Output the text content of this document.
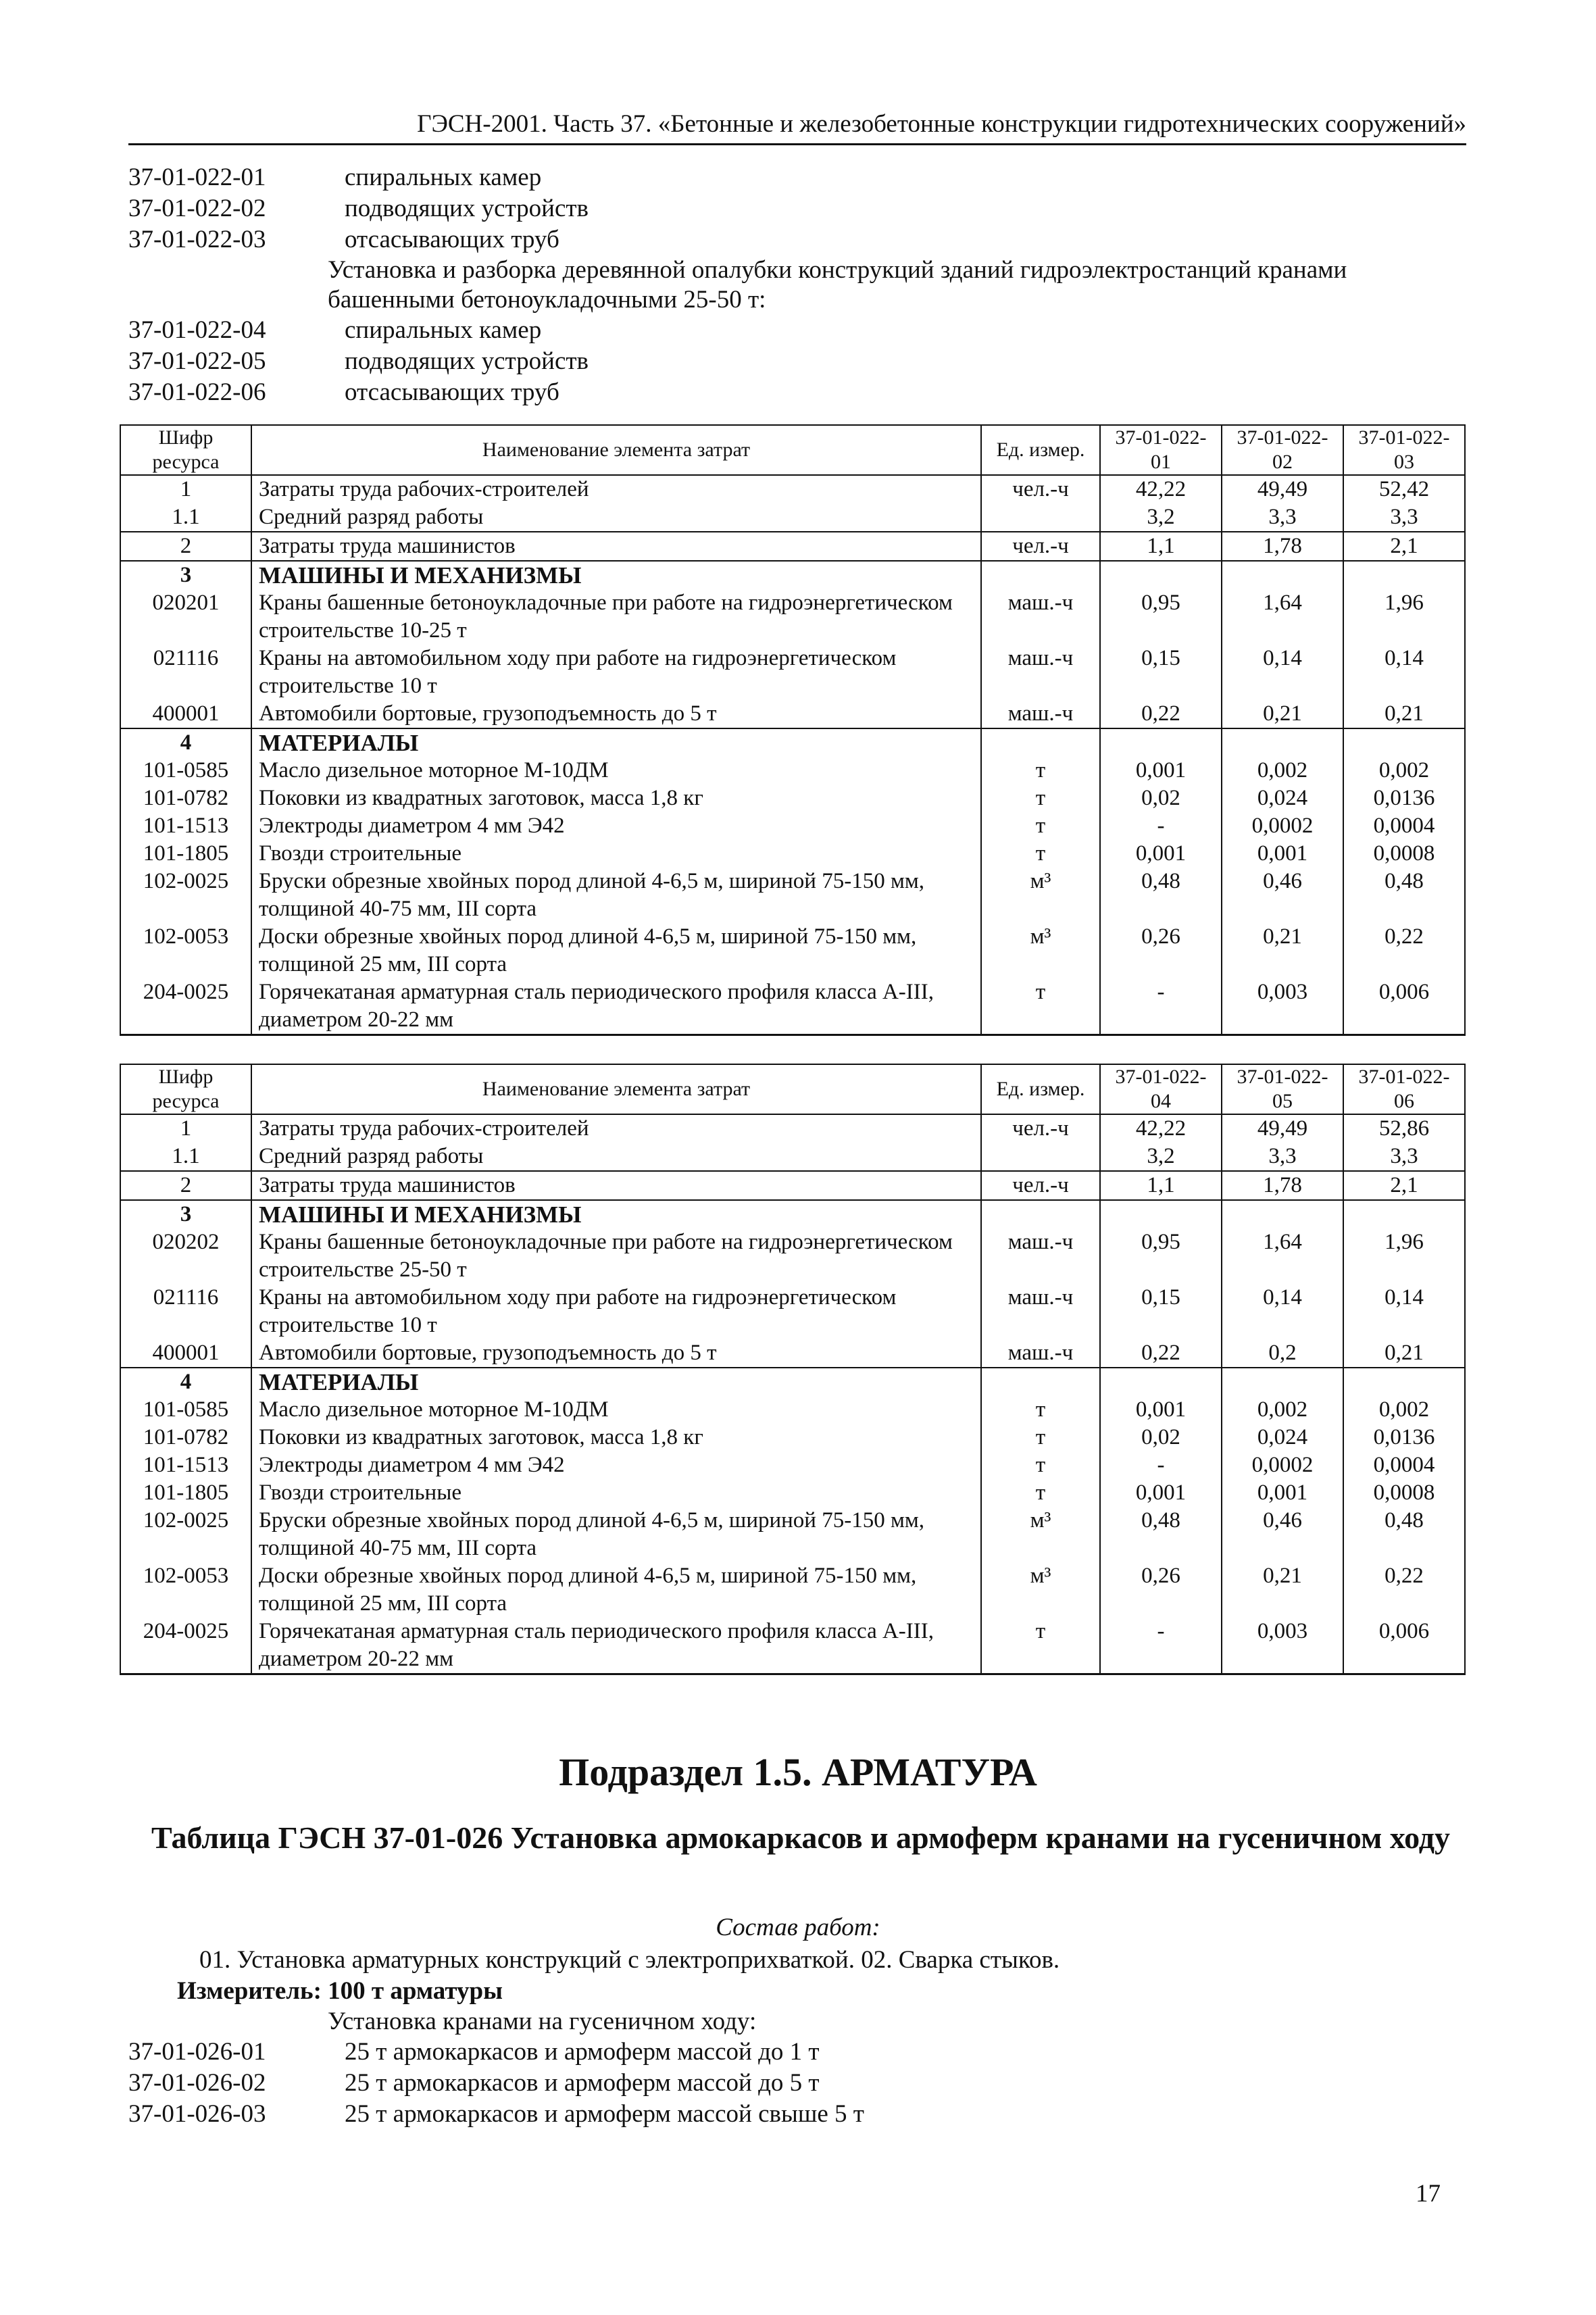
ГЭСН-2001. Часть 37. «Бетонные и железобетонные конструкции гидротехнических сооружений»
37-01-022-01	спиральных камер
37-01-022-02	подводящих устройств
37-01-022-03	отсасывающих труб
Установка и разборка деревянной опалубки конструкций зданий гидроэлектростанций кранами башенными бетоноукладочными 25-50 т:
37-01-022-04	спиральных камер
37-01-022-05	подводящих устройств
37-01-022-06	отсасывающих труб
Шифр ресурса	Наименование элемента затрат	Ед. измер.	37-01-022-01	37-01-022-02	37-01-022-03
1	Затраты труда рабочих-строителей	чел.-ч	42,22	49,49	52,42
1.1	Средний разряд работы		3,2	3,3	3,3
2	Затраты труда машинистов	чел.-ч	1,1	1,78	2,1
3	МАШИНЫ И МЕХАНИЗМЫ				
020201	Краны башенные бетоноукладочные при работе на гидроэнергетическом строительстве 10-25 т	маш.-ч	0,95	1,64	1,96
021116	Краны на автомобильном ходу при работе на гидроэнергетическом строительстве 10 т	маш.-ч	0,15	0,14	0,14
400001	Автомобили бортовые, грузоподъемность до 5 т	маш.-ч	0,22	0,21	0,21
4	МАТЕРИАЛЫ				
101-0585	Масло дизельное моторное М-10ДМ	т	0,001	0,002	0,002
101-0782	Поковки из квадратных заготовок, масса 1,8 кг	т	0,02	0,024	0,0136
101-1513	Электроды диаметром 4 мм Э42	т	-	0,0002	0,0004
101-1805	Гвозди строительные	т	0,001	0,001	0,0008
102-0025	Бруски обрезные хвойных пород длиной 4-6,5 м, шириной 75-150 мм, толщиной 40-75 мм, III сорта	м³	0,48	0,46	0,48
102-0053	Доски обрезные хвойных пород длиной 4-6,5 м, шириной 75-150 мм, толщиной 25 мм, III сорта	м³	0,26	0,21	0,22
204-0025	Горячекатаная арматурная сталь периодического профиля класса А-III, диаметром 20-22 мм	т	-	0,003	0,006
Шифр ресурса	Наименование элемента затрат	Ед. измер.	37-01-022-04	37-01-022-05	37-01-022-06
1	Затраты труда рабочих-строителей	чел.-ч	42,22	49,49	52,86
1.1	Средний разряд работы		3,2	3,3	3,3
2	Затраты труда машинистов	чел.-ч	1,1	1,78	2,1
3	МАШИНЫ И МЕХАНИЗМЫ				
020202	Краны башенные бетоноукладочные при работе на гидроэнергетическом строительстве 25-50 т	маш.-ч	0,95	1,64	1,96
021116	Краны на автомобильном ходу при работе на гидроэнергетическом строительстве 10 т	маш.-ч	0,15	0,14	0,14
400001	Автомобили бортовые, грузоподъемность до 5 т	маш.-ч	0,22	0,2	0,21
4	МАТЕРИАЛЫ				
101-0585	Масло дизельное моторное М-10ДМ	т	0,001	0,002	0,002
101-0782	Поковки из квадратных заготовок, масса 1,8 кг	т	0,02	0,024	0,0136
101-1513	Электроды диаметром 4 мм Э42	т	-	0,0002	0,0004
101-1805	Гвозди строительные	т	0,001	0,001	0,0008
102-0025	Бруски обрезные хвойных пород длиной 4-6,5 м, шириной 75-150 мм, толщиной 40-75 мм, III сорта	м³	0,48	0,46	0,48
102-0053	Доски обрезные хвойных пород длиной 4-6,5 м, шириной 75-150 мм, толщиной 25 мм, III сорта	м³	0,26	0,21	0,22
204-0025	Горячекатаная арматурная сталь периодического профиля класса А-III, диаметром 20-22 мм	т	-	0,003	0,006
Подраздел 1.5. АРМАТУРА
Таблица ГЭСН 37-01-026 Установка армокаркасов и армоферм кранами на гусеничном ходу
Состав работ:
01. Установка арматурных конструкций с электроприхваткой. 02. Сварка стыков.
Измеритель: 100 т арматуры
Установка кранами на гусеничном ходу:
37-01-026-01	25 т армокаркасов и армоферм массой до 1 т
37-01-026-02	25 т армокаркасов и армоферм массой до 5 т
37-01-026-03	25 т армокаркасов и армоферм массой свыше 5 т
17
